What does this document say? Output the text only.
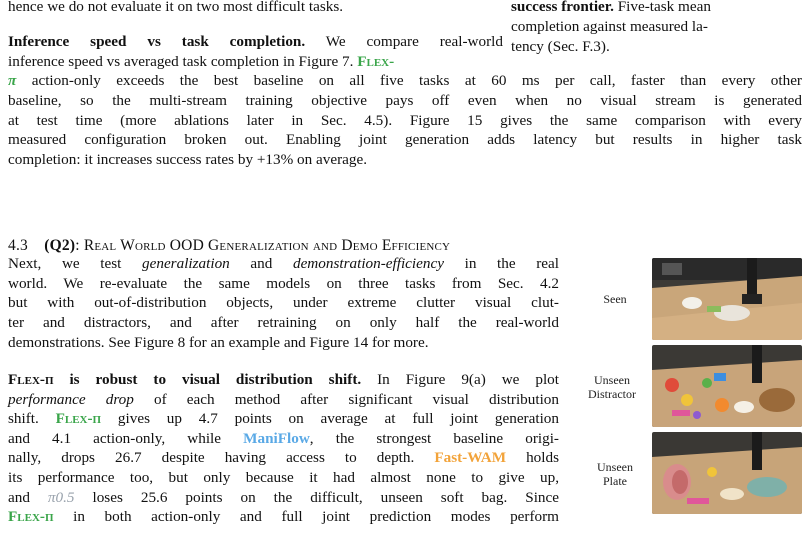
hence we do not evaluate it on two most difficult tasks.	success frontier. Five-task mean

completion against measured la-

tency (Sec. F.3).

Inference speed vs task completion. We compare real-world

inference speed vs averaged task completion in Figure 7. Flex-

π action-only exceeds the best baseline on all five tasks at 60 ms per call, faster than every other

baseline, so the multi-stream training objective pays off even when no visual stream is generated

at test time (more ablations later in Sec. 4.5). Figure 15 gives the same comparison with every

measured configuration broken out. Enabling joint generation adds latency but results in higher task

completion: it increases success rates by +13% on average.

4.3 (Q2): Real World OOD Generalization and Demo Efficiency

Next, we test generalization and demonstration-efficiency in the real

world. We re-evaluate the same models on three tasks from Sec. 4.2

but with out-of-distribution objects, under extreme clutter visual clut-

ter and distractors, and after retraining on only half the real-world

demonstrations. See Figure 8 for an example and Figure 14 for more.

Flex-π is robust to visual distribution shift. In Figure 9(a) we plot

performance drop of each method after significant visual distribution

shift. Flex-π gives up 4.7 points on average at full joint generation

and 4.1 action-only, while ManiFlow, the strongest baseline origi-

nally, drops 26.7 despite having access to depth. Fast-WAM holds

its performance too, but only because it had almost none to give up,

and π0.5 loses 25.6 points on the difficult, unseen soft bag. Since

Flex-π in both action-only and full joint prediction modes perform

Seen
Unseen
Distractor
Unseen
Plate
